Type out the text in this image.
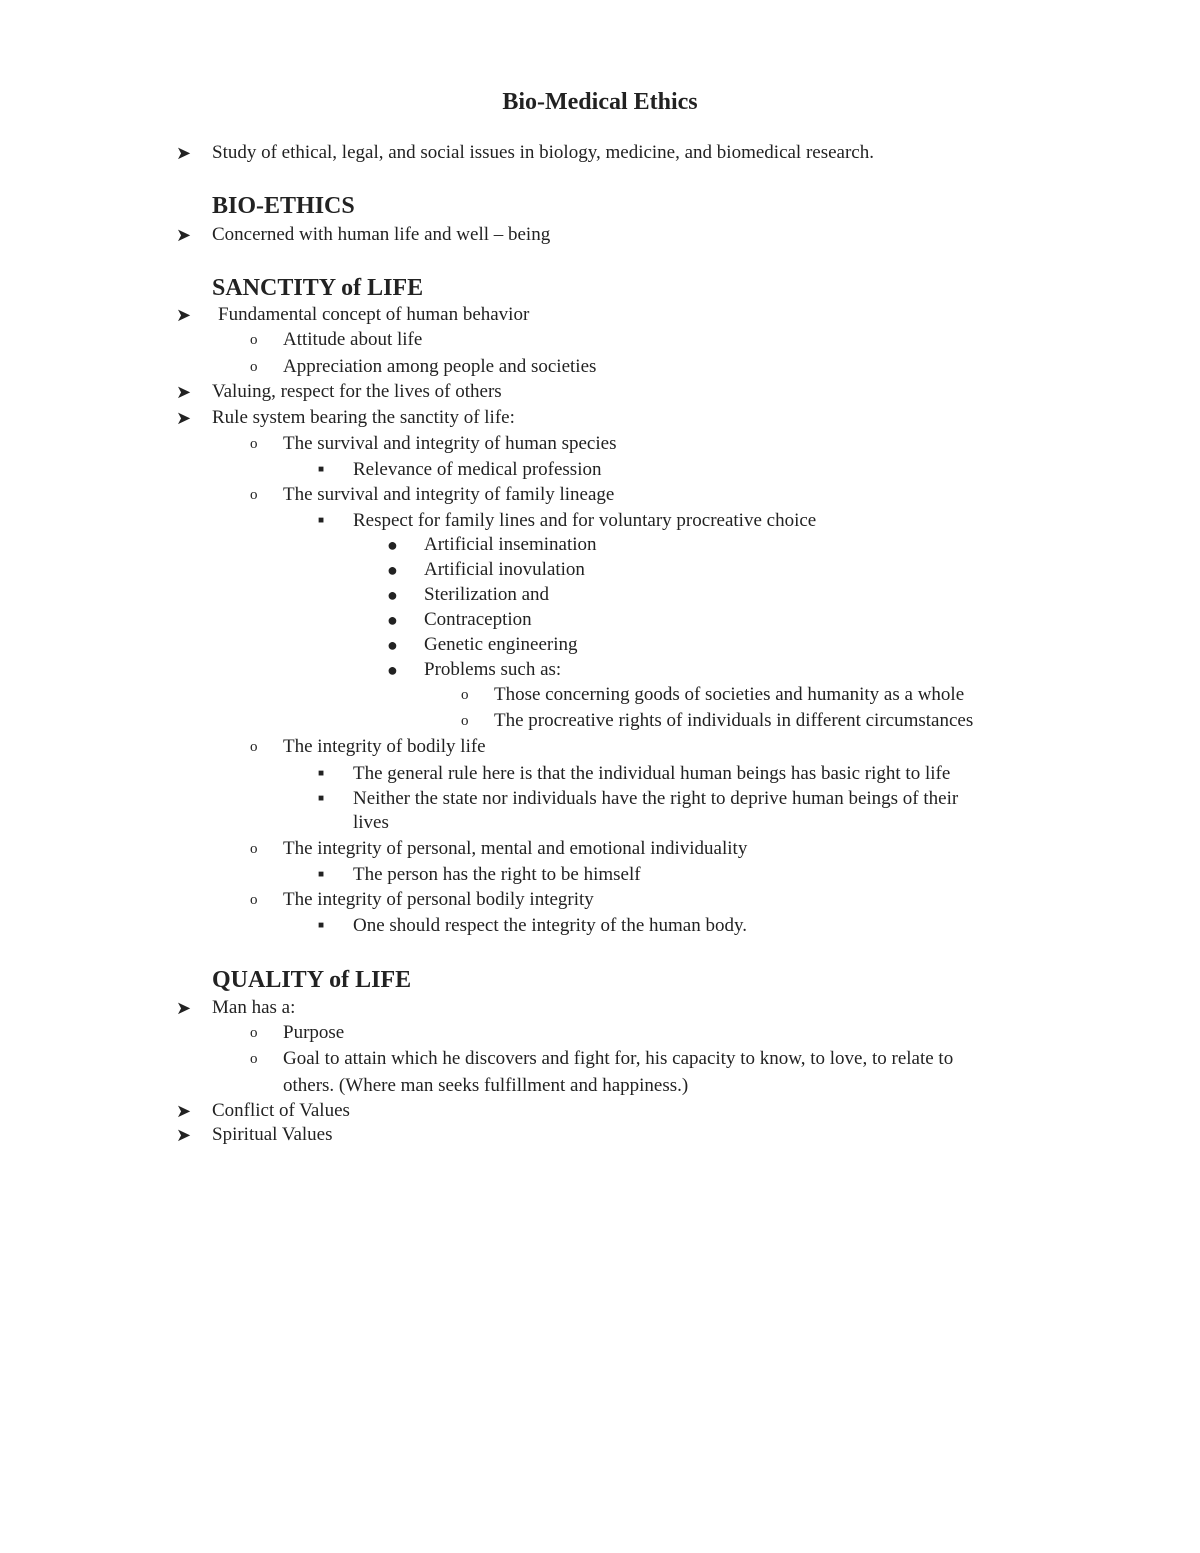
Bio-Medical Ethics
➤ Study of ethical, legal, and social issues in biology, medicine, and biomedical research.
BIO-ETHICS
➤ Concerned with human life and well – being
SANCTITY of LIFE
➤ Fundamental concept of human behavior
o Attitude about life
o Appreciation among people and societies
➤ Valuing, respect for the lives of others
➤ Rule system bearing the sanctity of life:
o The survival and integrity of human species
■ Relevance of medical profession
o The survival and integrity of family lineage
■ Respect for family lines and for voluntary procreative choice
● Artificial insemination
● Artificial inovulation
● Sterilization and
● Contraception
● Genetic engineering
● Problems such as:
o Those concerning goods of societies and humanity as a whole
o The procreative rights of individuals in different circumstances
o The integrity of bodily life
■ The general rule here is that the individual human beings has basic right to life
■ Neither the state nor individuals have the right to deprive human beings of their
lives
o The integrity of personal, mental and emotional individuality
■ The person has the right to be himself
o The integrity of personal bodily integrity
■ One should respect the integrity of the human body.
QUALITY of LIFE
➤ Man has a:
o Purpose
o Goal to attain which he discovers and fight for, his capacity to know, to love, to relate to
others. (Where man seeks fulfillment and happiness.)
➤ Conflict of Values
➤ Spiritual Values
